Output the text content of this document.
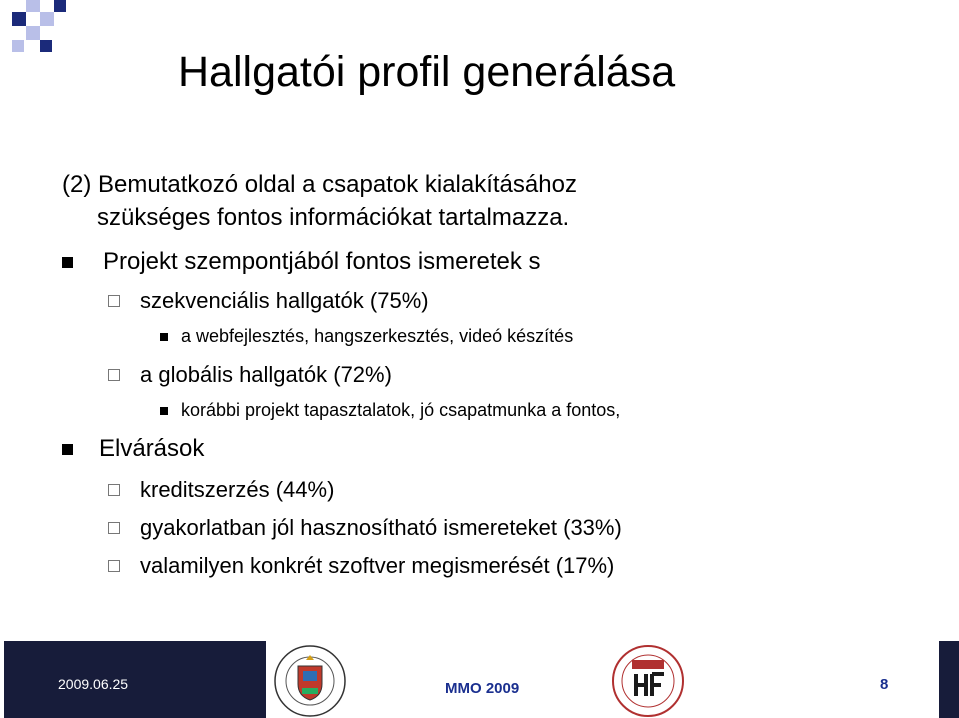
Hallgatói profil generálása
(2) Bemutatkozó oldal a csapatok kialakításához
szükséges fontos információkat tartalmazza.
Projekt szempontjából fontos ismeretek s
szekvenciális hallgatók (75%)
a webfejlesztés, hangszerkesztés, videó készítés
a globális hallgatók (72%)
korábbi projekt tapasztalatok, jó csapatmunka a fontos,
Elvárások
kreditszerzés (44%)
gyakorlatban jól hasznosítható ismereteket (33%)
valamilyen konkrét szoftver megismerését (17%)
2009.06.25	MMO 2009	8
